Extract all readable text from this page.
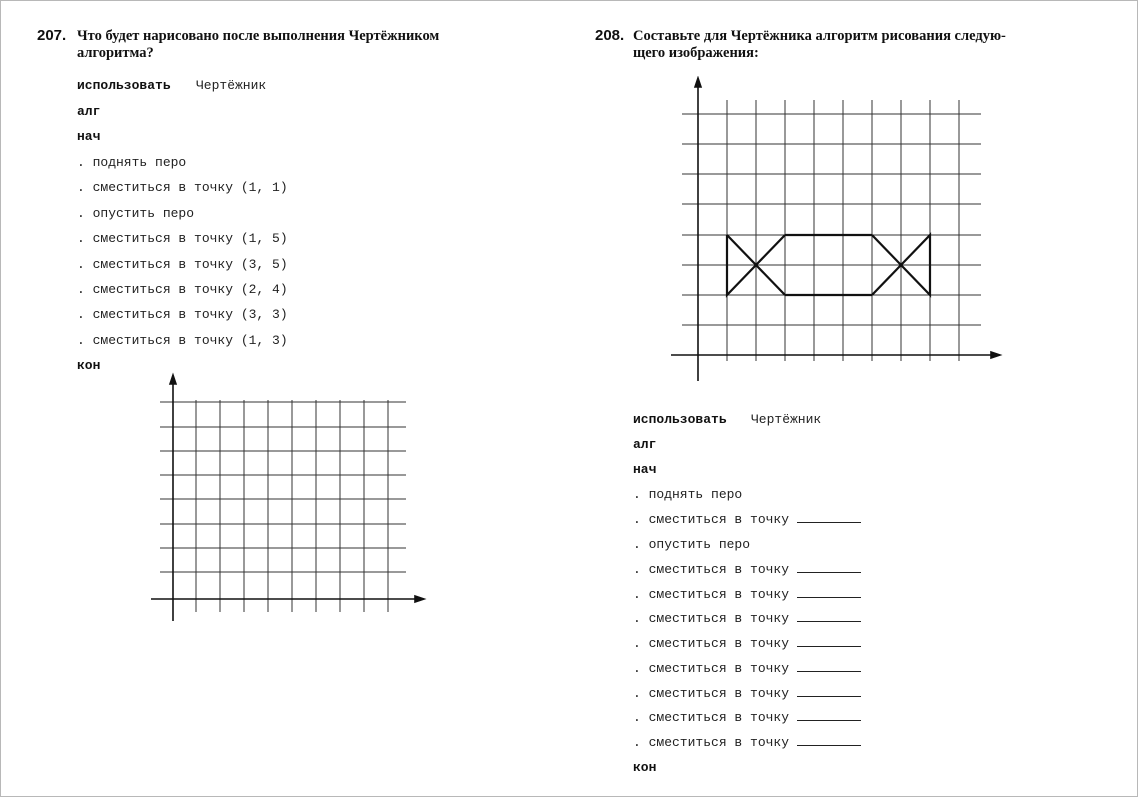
207. Что будет нарисовано после выполнения Чертёжником
алгоритма?
использовать Чертёжник
алг
нач
. поднять перо
. сместиться в точку (1, 1)
. опустить перо
. сместиться в точку (1, 5)
. сместиться в точку (3, 5)
. сместиться в точку (2, 4)
. сместиться в точку (3, 3)
. сместиться в точку (1, 3)
кон
208. Составьте для Чертёжника алгоритм рисования следую-
щего изображения:
использовать Чертёжник
алг
нач
. поднять перо
. сместиться в точку
. опустить перо
. сместиться в точку
. сместиться в точку
. сместиться в точку
. сместиться в точку
. сместиться в точку
. сместиться в точку
. сместиться в точку
. сместиться в точку
кон
